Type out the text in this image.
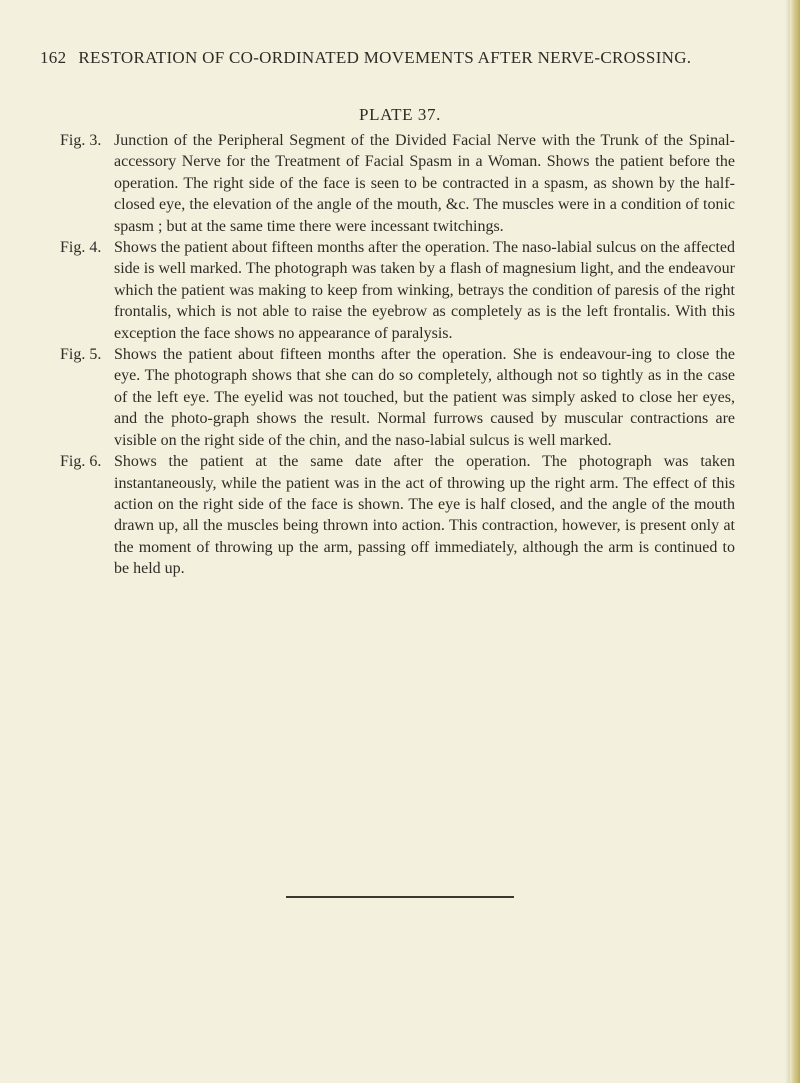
162 RESTORATION OF CO-ORDINATED MOVEMENTS AFTER NERVE-CROSSING.
PLATE 37.
Fig. 3. Junction of the Peripheral Segment of the Divided Facial Nerve with the Trunk of the Spinal-accessory Nerve for the Treatment of Facial Spasm in a Woman. Shows the patient before the operation. The right side of the face is seen to be contracted in a spasm, as shown by the half-closed eye, the elevation of the angle of the mouth, &c. The muscles were in a condition of tonic spasm ; but at the same time there were incessant twitchings.
Fig. 4. Shows the patient about fifteen months after the operation. The naso-labial sulcus on the affected side is well marked. The photograph was taken by a flash of magnesium light, and the endeavour which the patient was making to keep from winking, betrays the condition of paresis of the right frontalis, which is not able to raise the eyebrow as completely as is the left frontalis. With this exception the face shows no appearance of paralysis.
Fig. 5. Shows the patient about fifteen months after the operation. She is endeavour-ing to close the eye. The photograph shows that she can do so completely, although not so tightly as in the case of the left eye. The eyelid was not touched, but the patient was simply asked to close her eyes, and the photo-graph shows the result. Normal furrows caused by muscular contractions are visible on the right side of the chin, and the naso-labial sulcus is well marked.
Fig. 6. Shows the patient at the same date after the operation. The photograph was taken instantaneously, while the patient was in the act of throwing up the right arm. The effect of this action on the right side of the face is shown. The eye is half closed, and the angle of the mouth drawn up, all the muscles being thrown into action. This contraction, however, is present only at the moment of throwing up the arm, passing off immediately, although the arm is continued to be held up.
